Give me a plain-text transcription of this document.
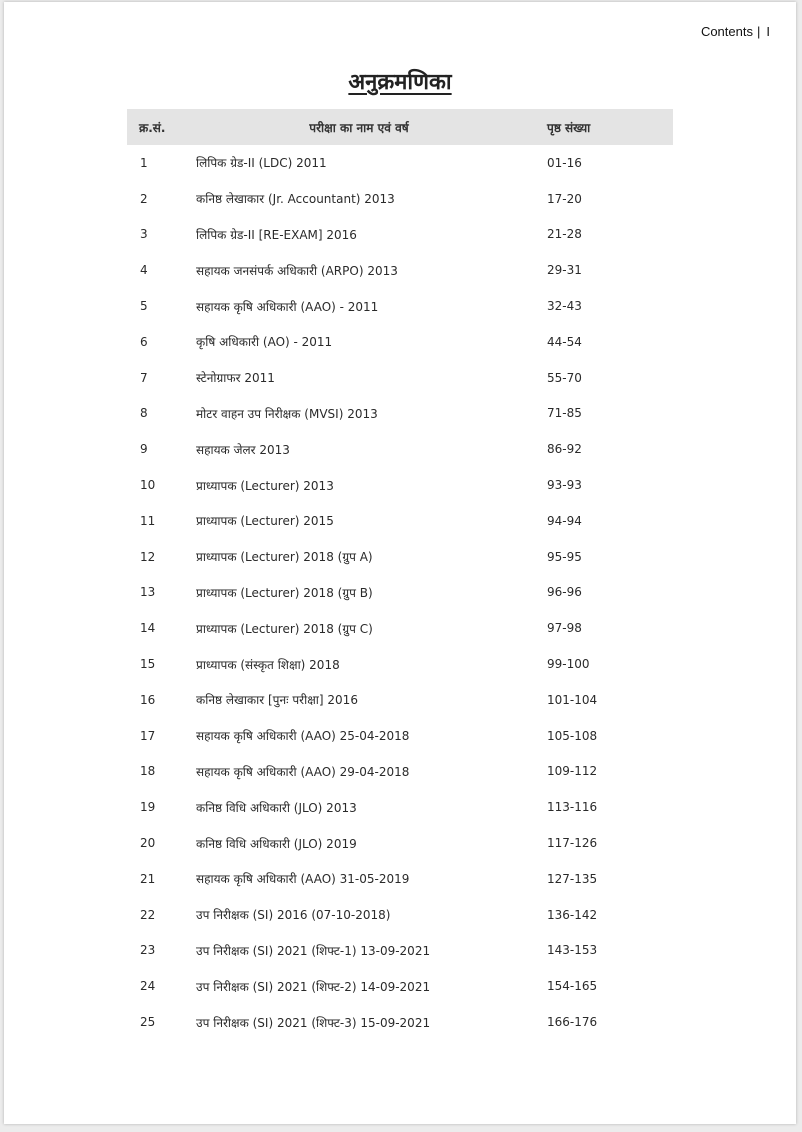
Contents | I
अनुक्रमणिका
क्र.सं.	परीक्षा का नाम एवं वर्ष	पृष्ठ संख्या
1	लिपिक ग्रेड-II (LDC) 2011	01-16
2	कनिष्ठ लेखाकार (Jr. Accountant) 2013	17-20
3	लिपिक ग्रेड-II [RE-EXAM] 2016	21-28
4	सहायक जनसंपर्क अधिकारी (ARPO) 2013	29-31
5	सहायक कृषि अधिकारी (AAO) - 2011	32-43
6	कृषि अधिकारी (AO) - 2011	44-54
7	स्टेनोग्राफर 2011	55-70
8	मोटर वाहन उप निरीक्षक (MVSI) 2013	71-85
9	सहायक जेलर 2013	86-92
10	प्राध्यापक (Lecturer) 2013	93-93
11	प्राध्यापक (Lecturer) 2015	94-94
12	प्राध्यापक (Lecturer) 2018 (ग्रुप A)	95-95
13	प्राध्यापक (Lecturer) 2018 (ग्रुप B)	96-96
14	प्राध्यापक (Lecturer) 2018 (ग्रुप C)	97-98
15	प्राध्यापक (संस्कृत शिक्षा) 2018	99-100
16	कनिष्ठ लेखाकार [पुनः परीक्षा] 2016	101-104
17	सहायक कृषि अधिकारी (AAO) 25-04-2018	105-108
18	सहायक कृषि अधिकारी (AAO) 29-04-2018	109-112
19	कनिष्ठ विधि अधिकारी (JLO) 2013	113-116
20	कनिष्ठ विधि अधिकारी (JLO) 2019	117-126
21	सहायक कृषि अधिकारी (AAO) 31-05-2019	127-135
22	उप निरीक्षक (SI) 2016 (07-10-2018)	136-142
23	उप निरीक्षक (SI) 2021 (शिफ्ट-1) 13-09-2021	143-153
24	उप निरीक्षक (SI) 2021 (शिफ्ट-2) 14-09-2021	154-165
25	उप निरीक्षक (SI) 2021 (शिफ्ट-3) 15-09-2021	166-176
